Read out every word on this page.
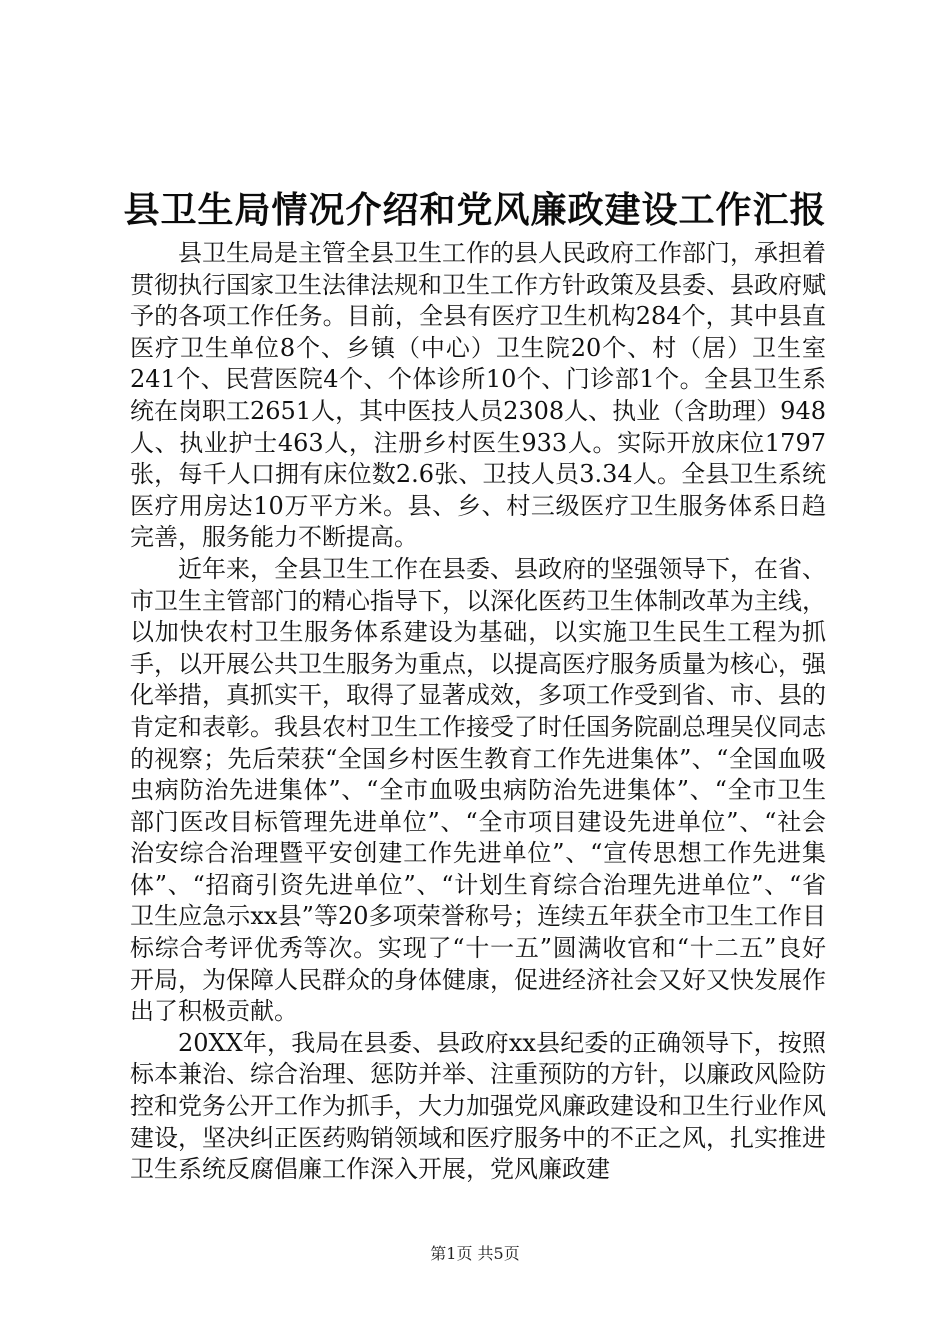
县卫生局情况介绍和党风廉政建设工作汇报

县卫生局是主管全县卫生工作的县人民政府工作部门，承担着贯彻执行国家卫生法律法规和卫生工作方针政策及县委、县政府赋予的各项工作任务。目前，全县有医疗卫生机构284个，其中县直医疗卫生单位8个、乡镇（中心）卫生院20个、村（居）卫生室241个、民营医院4个、个体诊所10个、门诊部1个。全县卫生系统在岗职工2651人，其中医技人员2308人、执业（含助理）948人、执业护士463人，注册乡村医生933人。实际开放床位1797张，每千人口拥有床位数2.6张、卫技人员3.34人。全县卫生系统医疗用房达10万平方米。县、乡、村三级医疗卫生服务体系日趋完善，服务能力不断提高。

近年来，全县卫生工作在县委、县政府的坚强领导下，在省、市卫生主管部门的精心指导下，以深化医药卫生体制改革为主线，以加快农村卫生服务体系建设为基础，以实施卫生民生工程为抓手，以开展公共卫生服务为重点，以提高医疗服务质量为核心，强化举措，真抓实干，取得了显著成效，多项工作受到省、市、县的肯定和表彰。我县农村卫生工作接受了时任国务院副总理吴仪同志的视察；先后荣获“全国乡村医生教育工作先进集体”、“全国血吸虫病防治先进集体”、“全市血吸虫病防治先进集体”、“全市卫生部门医改目标管理先进单位”、“全市项目建设先进单位”、“社会治安综合治理暨平安创建工作先进单位”、“宣传思想工作先进集体”、“招商引资先进单位”、“计划生育综合治理先进单位”、“省卫生应急示xx县”等20多项荣誉称号；连续五年获全市卫生工作目标综合考评优秀等次。实现了“十一五”圆满收官和“十二五”良好开局，为保障人民群众的身体健康，促进经济社会又好又快发展作出了积极贡献。

20XX年，我局在县委、县政府xx县纪委的正确领导下，按照标本兼治、综合治理、惩防并举、注重预防的方针，以廉政风险防控和党务公开工作为抓手，大力加强党风廉政建设和卫生行业作风建设，坚决纠正医药购销领域和医疗服务中的不正之风，扎实推进卫生系统反腐倡廉工作深入开展，党风廉政建

第1页 共5页
